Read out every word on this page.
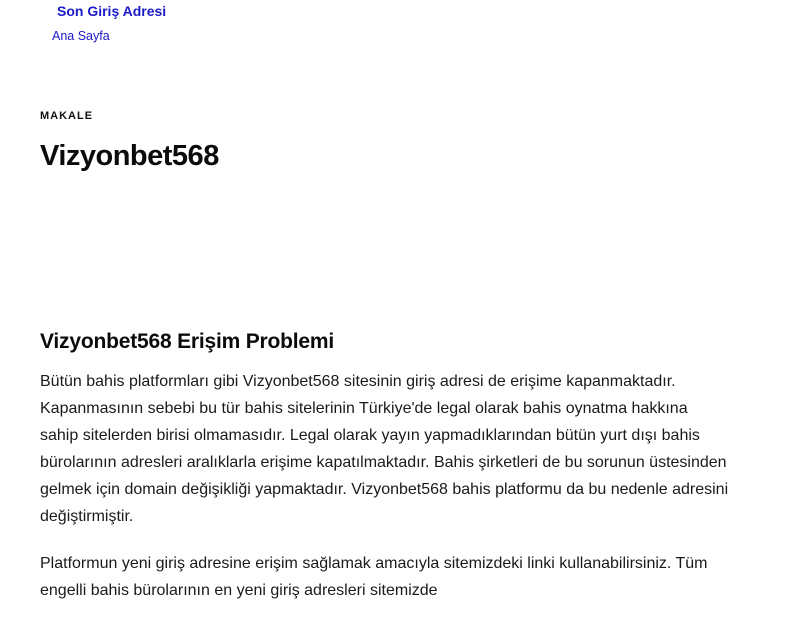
Son Giriş Adresi
Ana Sayfa
MAKALE
Vizyonbet568
Vizyonbet568 Erişim Problemi

Bütün bahis platformları gibi Vizyonbet568 sitesinin giriş adresi de erişime kapanmaktadır. Kapanmasının sebebi bu tür bahis sitelerinin Türkiye'de legal olarak bahis oynatma hakkına sahip sitelerden birisi olmamasıdır. Legal olarak yayın yapmadıklarından bütün yurt dışı bahis bürolarının adresleri aralıklarla erişime kapatılmaktadır. Bahis şirketleri de bu sorunun üstesinden gelmek için domain değişikliği yapmaktadır. Vizyonbet568 bahis platformu da bu nedenle adresini değiştirmiştir.

Platformun yeni giriş adresine erişim sağlamak amacıyla sitemizdeki linki kullanabilirsiniz. Tüm engelli bahis bürolarının en yeni giriş adresleri sitemizde
